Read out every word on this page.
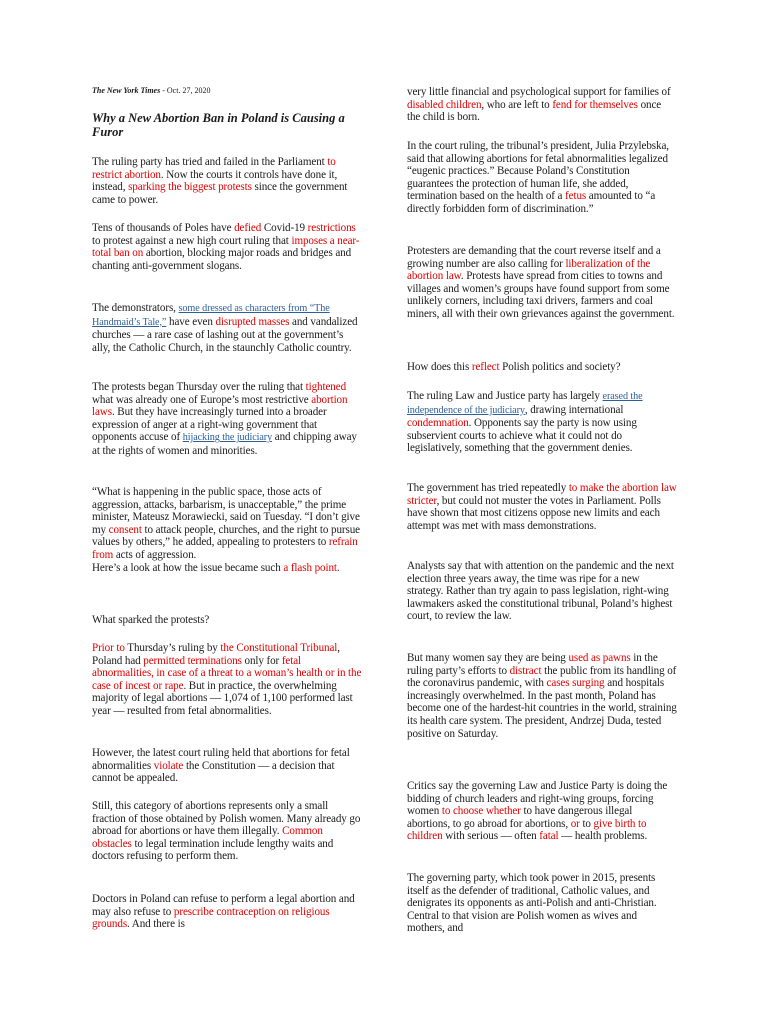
The New York Times - Oct. 27, 2020
Why a New Abortion Ban in Poland is Causing a Furor

The ruling party has tried and failed in the Parliament to restrict abortion. Now the courts it controls have done it, instead, sparking the biggest protests since the government came to power.

Tens of thousands of Poles have defied Covid-19 restrictions to protest against a new high court ruling that imposes a near-total ban on abortion, blocking major roads and bridges and chanting anti-government slogans.

The demonstrators, some dressed as characters from “The Handmaid’s Tale,” have even disrupted masses and vandalized churches — a rare case of lashing out at the government’s ally, the Catholic Church, in the staunchly Catholic country.

The protests began Thursday over the ruling that tightened what was already one of Europe’s most restrictive abortion laws. But they have increasingly turned into a broader expression of anger at a right-wing government that opponents accuse of hijacking the judiciary and chipping away at the rights of women and minorities.

“What is happening in the public space, those acts of aggression, attacks, barbarism, is unacceptable,” the prime minister, Mateusz Morawiecki, said on Tuesday. “I don’t give my consent to attack people, churches, and the right to pursue values by others,” he added, appealing to protesters to refrain from acts of aggression.
Here’s a look at how the issue became such a flash point.

What sparked the protests?

Prior to Thursday’s ruling by the Constitutional Tribunal, Poland had permitted terminations only for fetal abnormalities, in case of a threat to a woman’s health or in the case of incest or rape. But in practice, the overwhelming majority of legal abortions — 1,074 of 1,100 performed last year — resulted from fetal abnormalities.

However, the latest court ruling held that abortions for fetal abnormalities violate the Constitution — a decision that cannot be appealed.

Still, this category of abortions represents only a small fraction of those obtained by Polish women. Many already go abroad for abortions or have them illegally. Common obstacles to legal termination include lengthy waits and doctors refusing to perform them.

Doctors in Poland can refuse to perform a legal abortion and may also refuse to prescribe contraception on religious grounds. And there is

very little financial and psychological support for families of disabled children, who are left to fend for themselves once the child is born.

In the court ruling, the tribunal’s president, Julia Przylebska, said that allowing abortions for fetal abnormalities legalized “eugenic practices.” Because Poland’s Constitution guarantees the protection of human life, she added, termination based on the health of a fetus amounted to “a directly forbidden form of discrimination.”

Protesters are demanding that the court reverse itself and a growing number are also calling for liberalization of the abortion law. Protests have spread from cities to towns and villages and women’s groups have found support from some unlikely corners, including taxi drivers, farmers and coal miners, all with their own grievances against the government.

How does this reflect Polish politics and society?

The ruling Law and Justice party has largely erased the independence of the judiciary, drawing international condemnation. Opponents say the party is now using subservient courts to achieve what it could not do legislatively, something that the government denies.

The government has tried repeatedly to make the abortion law stricter, but could not muster the votes in Parliament. Polls have shown that most citizens oppose new limits and each attempt was met with mass demonstrations.

Analysts say that with attention on the pandemic and the next election three years away, the time was ripe for a new strategy. Rather than try again to pass legislation, right-wing lawmakers asked the constitutional tribunal, Poland’s highest court, to review the law.

But many women say they are being used as pawns in the ruling party’s efforts to distract the public from its handling of the coronavirus pandemic, with cases surging and hospitals increasingly overwhelmed. In the past month, Poland has become one of the hardest-hit countries in the world, straining its health care system. The president, Andrzej Duda, tested positive on Saturday.

Critics say the governing Law and Justice Party is doing the bidding of church leaders and right-wing groups, forcing women to choose whether to have dangerous illegal abortions, to go abroad for abortions, or to give birth to children with serious — often fatal — health problems.

The governing party, which took power in 2015, presents itself as the defender of traditional, Catholic values, and denigrates its opponents as anti-Polish and anti-Christian. Central to that vision are Polish women as wives and mothers, and
